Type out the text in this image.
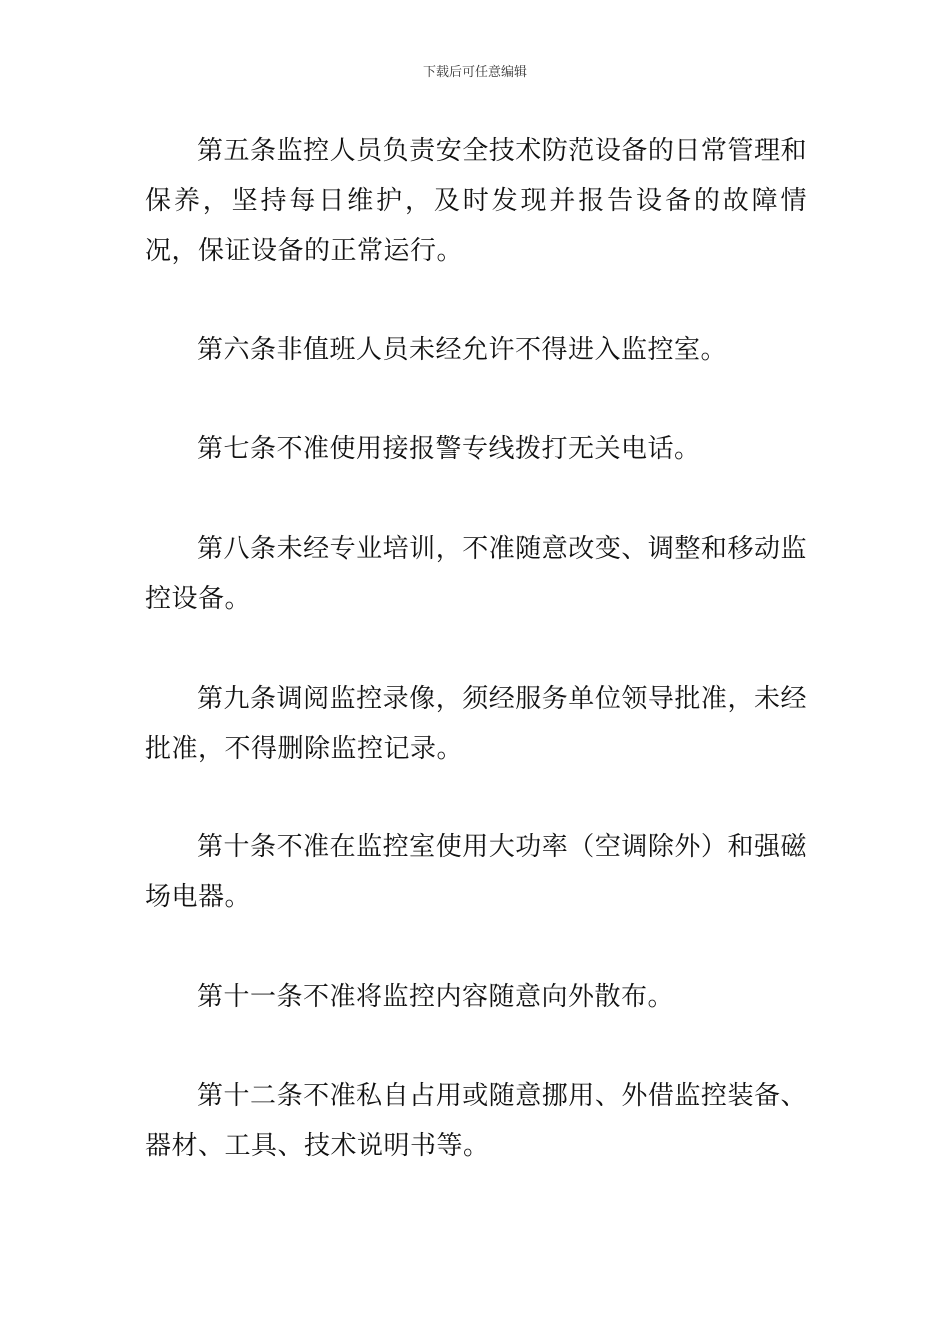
下载后可任意编辑

第五条监控人员负责安全技术防范设备的日常管理和保养，坚持每日维护，及时发现并报告设备的故障情况，保证设备的正常运行。

第六条非值班人员未经允许不得进入监控室。

第七条不准使用接报警专线拨打无关电话。

第八条未经专业培训，不准随意改变、调整和移动监控设备。

第九条调阅监控录像，须经服务单位领导批准，未经批准，不得删除监控记录。

第十条不准在监控室使用大功率（空调除外）和强磁场电器。

第十一条不准将监控内容随意向外散布。

第十二条不准私自占用或随意挪用、外借监控装备、器材、工具、技术说明书等。
